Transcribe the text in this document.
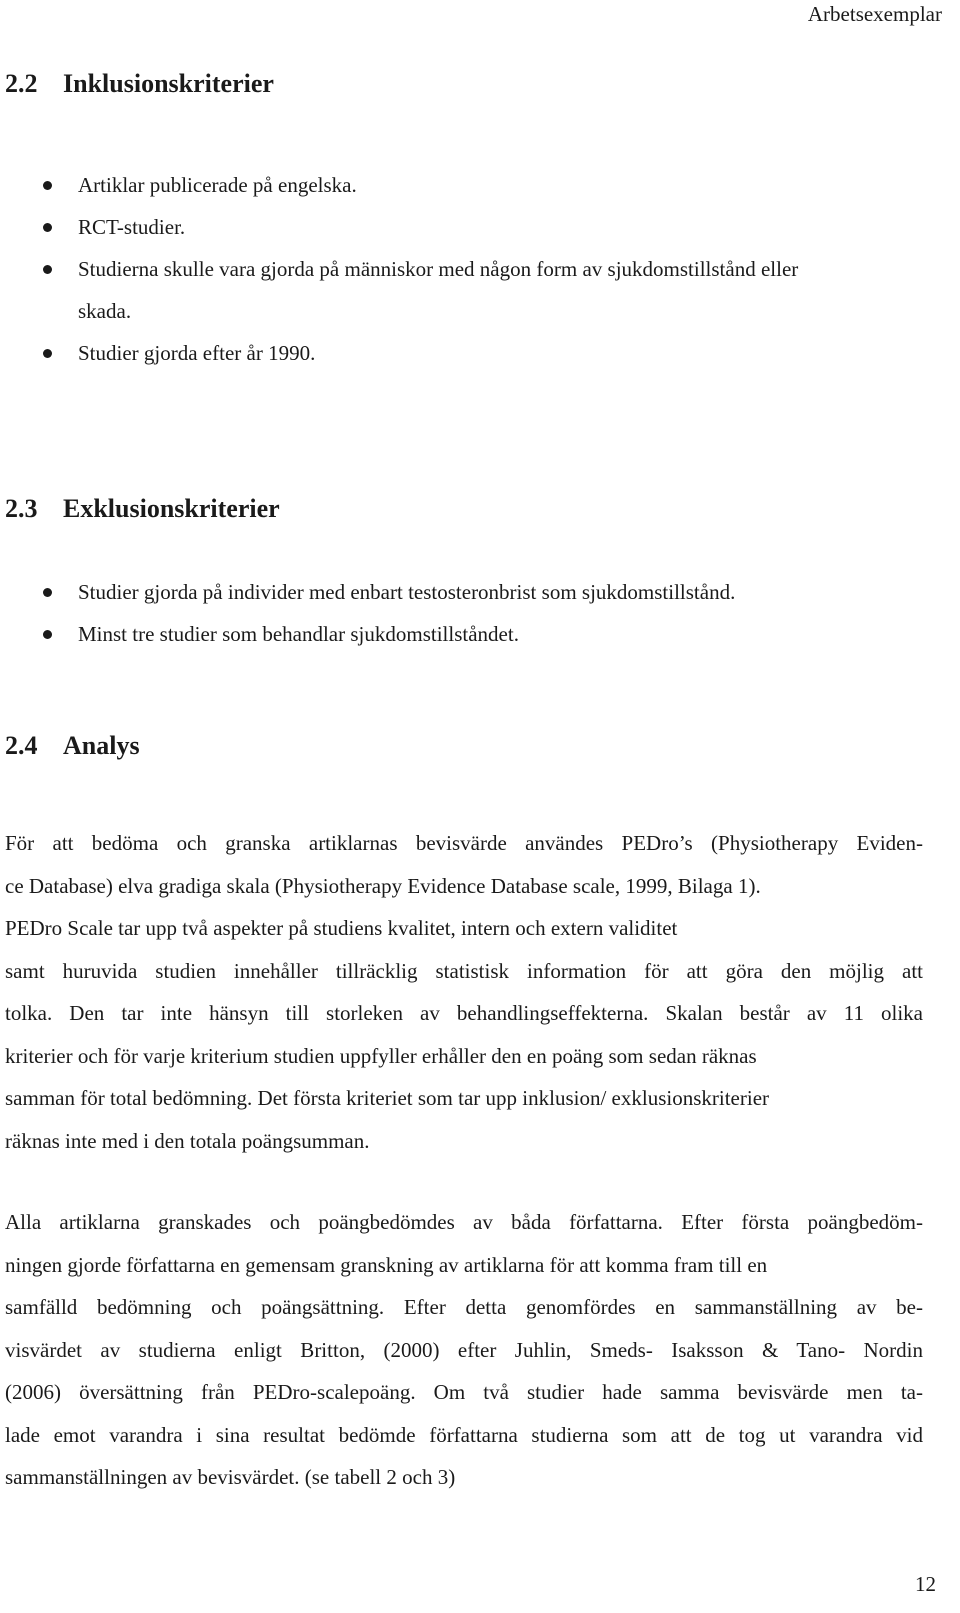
Arbetsexemplar
2.2 Inklusionskriterier
Artiklar publicerade på engelska.
RCT-studier.
Studierna skulle vara gjorda på människor med någon form av sjukdomstillstånd eller
skada.
Studier gjorda efter år 1990.
2.3 Exklusionskriterier
Studier gjorda på individer med enbart testosteronbrist som sjukdomstillstånd.
Minst tre studier som behandlar sjukdomstillståndet.
2.4 Analys

För att bedöma och granska artiklarnas bevisvärde användes PEDro’s (Physiotherapy Eviden-
ce Database) elva gradiga skala (Physiotherapy Evidence Database scale, 1999, Bilaga 1).
PEDro Scale tar upp två aspekter på studiens kvalitet, intern och extern validitet
samt huruvida studien innehåller tillräcklig statistisk information för att göra den möjlig att
tolka. Den tar inte hänsyn till storleken av behandlingseffekterna. Skalan består av 11 olika
kriterier och för varje kriterium studien uppfyller erhåller den en poäng som sedan räknas
samman för total bedömning. Det första kriteriet som tar upp inklusion/ exklusionskriterier
räknas inte med i den totala poängsumman.

Alla artiklarna granskades och poängbedömdes av båda författarna. Efter första poängbedöm-
ningen gjorde författarna en gemensam granskning av artiklarna för att komma fram till en
samfälld bedömning och poängsättning. Efter detta genomfördes en sammanställning av be-
visvärdet av studierna enligt Britton, (2000) efter Juhlin, Smeds- Isaksson & Tano- Nordin
(2006) översättning från PEDro-scalepoäng. Om två studier hade samma bevisvärde men ta-
lade emot varandra i sina resultat bedömde författarna studierna som att de tog ut varandra vid
sammanställningen av bevisvärdet. (se tabell 2 och 3)

12
